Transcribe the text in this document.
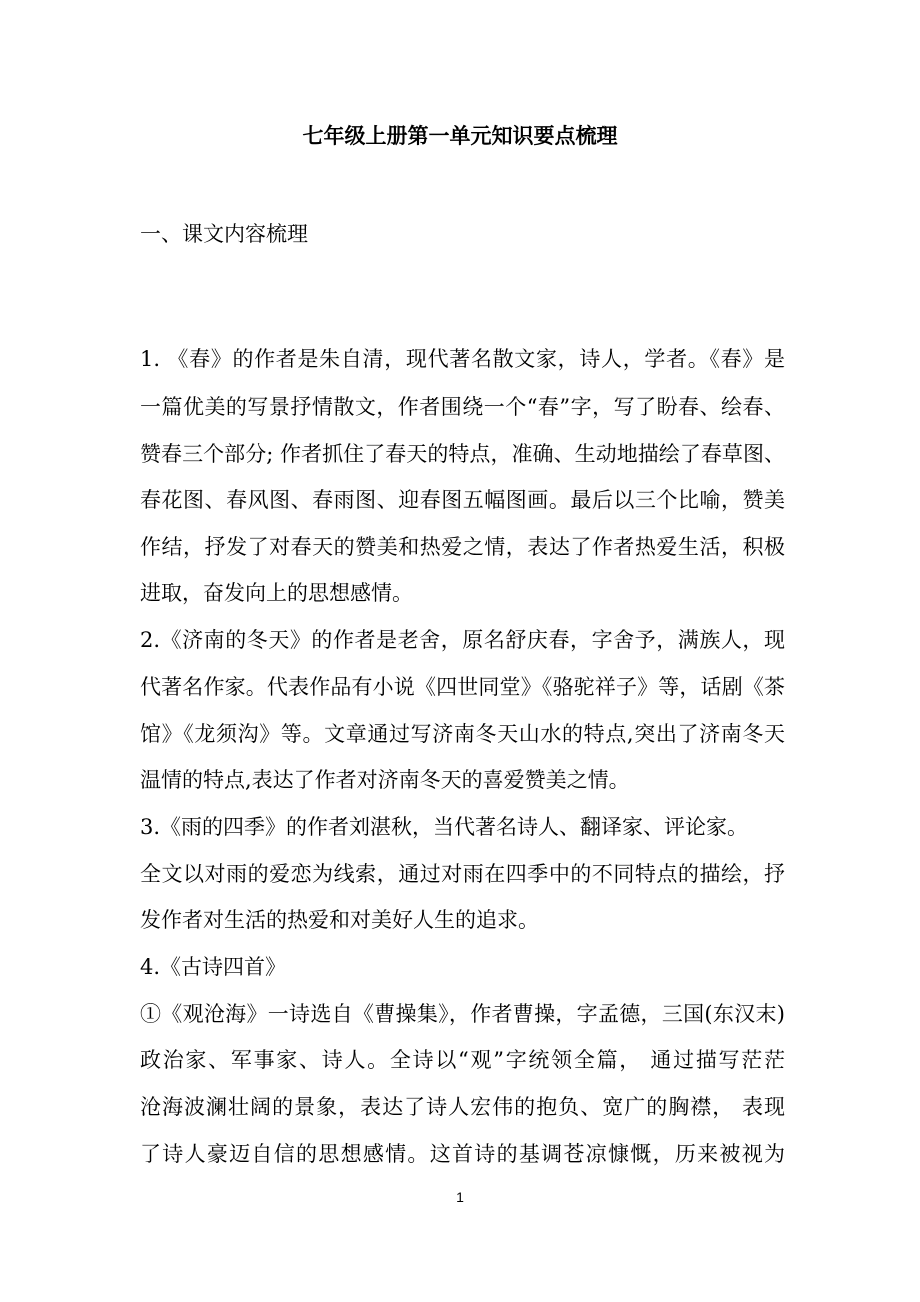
七年级上册第一单元知识要点梳理
一、课文内容梳理
1. 《春》的作者是朱自清，现代著名散文家，诗人，学者。《春》是
一篇优美的写景抒情散文，作者围绕一个“春”字，写了盼春、绘春、
赞春三个部分; 作者抓住了春天的特点，准确、生动地描绘了春草图、
春花图、春风图、春雨图、迎春图五幅图画。最后以三个比喻，赞美
作结，抒发了对春天的赞美和热爱之情，表达了作者热爱生活，积极
进取，奋发向上的思想感情。
2.《济南的冬天》的作者是老舍，原名舒庆春，字舍予，满族人，现
代著名作家。代表作品有小说《四世同堂》《骆驼祥子》等，话剧《茶
馆》《龙须沟》等。文章通过写济南冬天山水的特点,突出了济南冬天
温情的特点,表达了作者对济南冬天的喜爱赞美之情。
3.《雨的四季》的作者刘湛秋，当代著名诗人、翻译家、评论家。
全文以对雨的爱恋为线索，通过对雨在四季中的不同特点的描绘，抒
发作者对生活的热爱和对美好人生的追求。
4.《古诗四首》
①《观沧海》一诗选自《曹操集》，作者曹操，字孟德，三国(东汉末)
政治家、军事家、诗人。全诗以“观”字统领全篇， 通过描写茫茫
沧海波澜壮阔的景象，表达了诗人宏伟的抱负、宽广的胸襟， 表现
了诗人豪迈自信的思想感情。这首诗的基调苍凉慷慨，历来被视为
1
